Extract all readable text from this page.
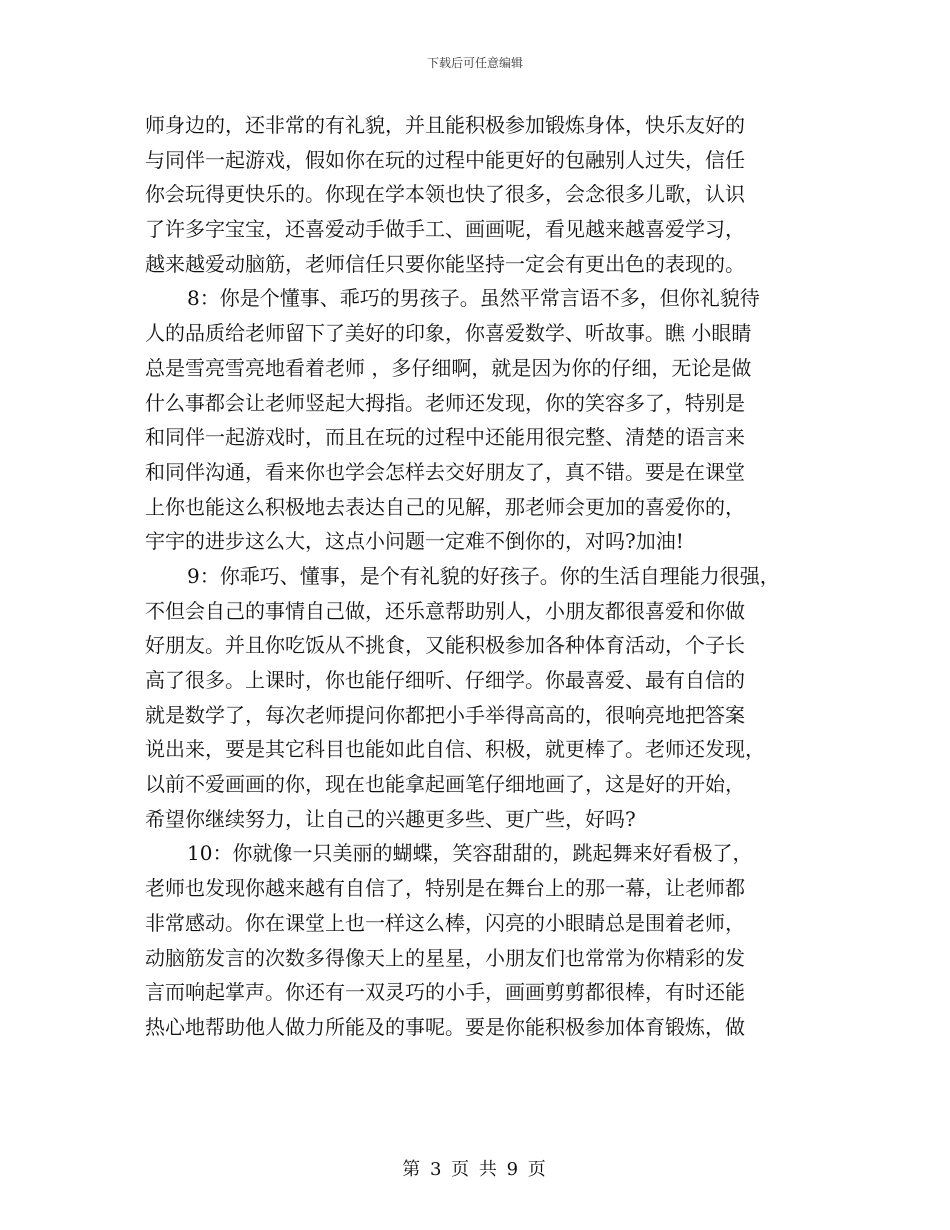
下载后可任意编辑
师身边的，还非常的有礼貌，并且能积极参加锻炼身体，快乐友好的
与同伴一起游戏，假如你在玩的过程中能更好的包融别人过失，信任
你会玩得更快乐的。你现在学本领也快了很多，会念很多儿歌，认识
了许多字宝宝，还喜爱动手做手工、画画呢，看见越来越喜爱学习，
越来越爱动脑筋，老师信任只要你能坚持一定会有更出色的表现的。
8：你是个懂事、乖巧的男孩子。虽然平常言语不多，但你礼貌待
人的品质给老师留下了美好的印象，你喜爱数学、听故事。瞧 小眼睛
总是雪亮雪亮地看着老师 ，多仔细啊，就是因为你的仔细，无论是做
什么事都会让老师竖起大拇指。老师还发现，你的笑容多了，特别是
和同伴一起游戏时，而且在玩的过程中还能用很完整、清楚的语言来
和同伴沟通，看来你也学会怎样去交好朋友了，真不错。要是在课堂
上你也能这么积极地去表达自己的见解，那老师会更加的喜爱你的，
宇宇的进步这么大，这点小问题一定难不倒你的，对吗?加油!
9：你乖巧、懂事，是个有礼貌的好孩子。你的生活自理能力很强，
不但会自己的事情自己做，还乐意帮助别人，小朋友都很喜爱和你做
好朋友。并且你吃饭从不挑食，又能积极参加各种体育活动，个子长
高了很多。上课时，你也能仔细听、仔细学。你最喜爱、最有自信的
就是数学了，每次老师提问你都把小手举得高高的，很响亮地把答案
说出来，要是其它科目也能如此自信、积极，就更棒了。老师还发现，
以前不爱画画的你，现在也能拿起画笔仔细地画了，这是好的开始，
希望你继续努力，让自己的兴趣更多些、更广些，好吗?
10：你就像一只美丽的蝴蝶，笑容甜甜的，跳起舞来好看极了，
老师也发现你越来越有自信了，特别是在舞台上的那一幕，让老师都
非常感动。你在课堂上也一样这么棒，闪亮的小眼睛总是围着老师，
动脑筋发言的次数多得像天上的星星，小朋友们也常常为你精彩的发
言而响起掌声。你还有一双灵巧的小手，画画剪剪都很棒，有时还能
热心地帮助他人做力所能及的事呢。要是你能积极参加体育锻炼，做
第 3 页 共 9 页
